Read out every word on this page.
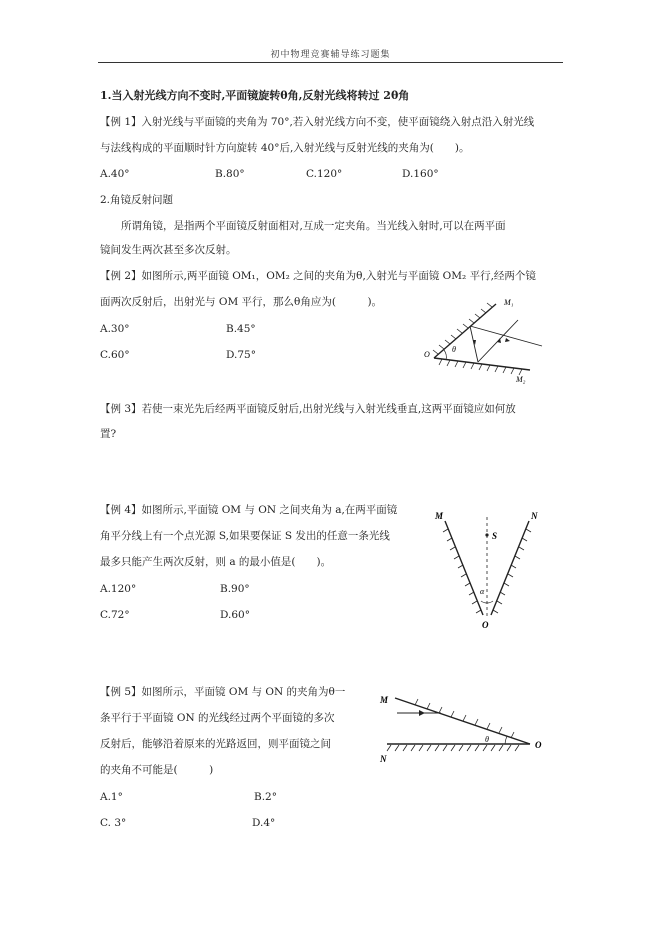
初中物理竞赛辅导练习题集
1.当入射光线方向不变时,平面镜旋转θ角,反射光线将转过 2θ角
【例 1】入射光线与平面镜的夹角为 70°,若入射光线方向不变，使平面镜绕入射点沿入射光线
与法线构成的平面顺时针方向旋转 40°后,入射光线与反射光线的夹角为(　　)。
A.40°	B.80°	C.120°	D.160°
2.角镜反射问题
所谓角镜，是指两个平面镜反射面相对,互成一定夹角。当光线入射时,可以在两平面
镜间发生两次甚至多次反射。
【例 2】如图所示,两平面镜 OM₁，OM₂ 之间的夹角为θ,入射光与平面镜 OM₂ 平行,经两个镜
面两次反射后，出射光与 OM 平行，那么θ角应为(　　　)。
A.30°	B.45°
C.60°	D.75°
M₁
M₂
O
θ
【例 3】若使一束光先后经两平面镜反射后,出射光线与入射光线垂直,这两平面镜应如何放
置?
【例 4】如图所示,平面镜 OM 与 ON 之间夹角为 a,在两平面镜
角平分线上有一个点光源 S,如果要保证 S 发出的任意一条光线
最多只能产生两次反射，则 a 的最小值是(　　)。
A.120°	B.90°
C.72°	D.60°
M	N
S
O
α
【例 5】如图所示，平面镜 OM 与 ON 的夹角为θ一
条平行于平面镜 ON 的光线经过两个平面镜的多次
反射后，能够沿着原来的光路返回，则平面镜之间
的夹角不可能是(　　　)
A.1°	B.2°
C. 3°	D.4°
M
N
O
θ
